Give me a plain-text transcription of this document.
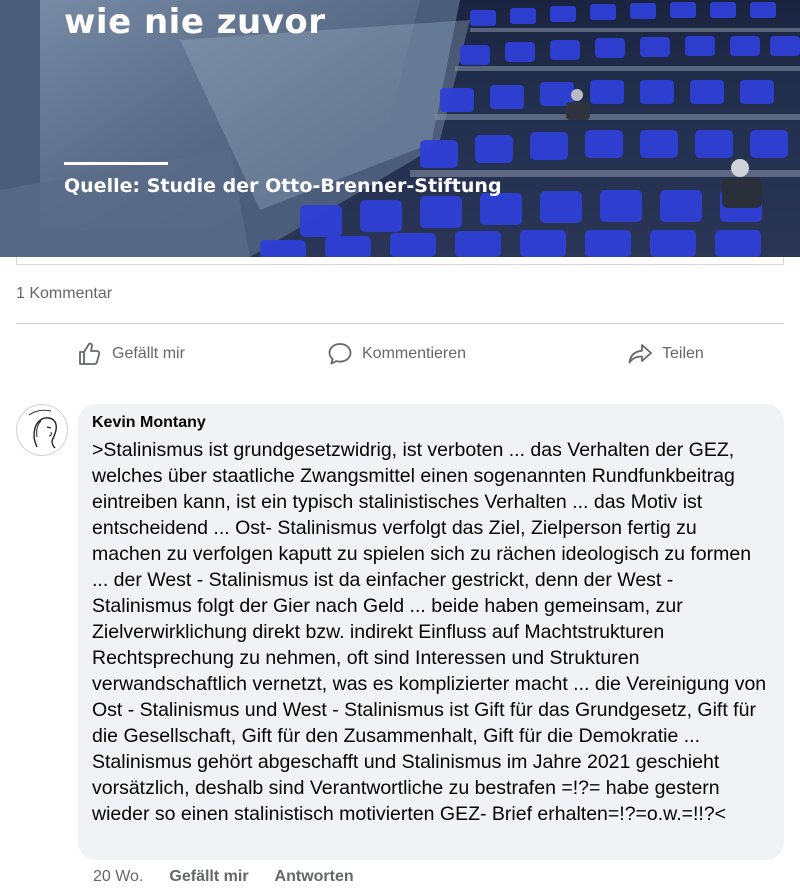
wie nie zuvor
Quelle: Studie der Otto-Brenner-Stiftung
1 Kommentar
Gefällt mir	Kommentieren	Teilen
Kevin Montany
>Stalinismus ist grundgesetzwidrig, ist verboten ... das Verhalten der GEZ, welches über staatliche Zwangsmittel einen sogenannten Rundfunkbeitrag eintreiben kann, ist ein typisch stalinistisches Verhalten ... das Motiv ist entscheidend ... Ost- Stalinismus verfolgt das Ziel, Zielperson fertig zu machen zu verfolgen kaputt zu spielen sich zu rächen ideologisch zu formen ... der West - Stalinismus ist da einfacher gestrickt, denn der West - Stalinismus folgt der Gier nach Geld ... beide haben gemeinsam, zur Zielverwirklichung direkt bzw. indirekt Einfluss auf Machtstrukturen Rechtsprechung zu nehmen, oft sind Interessen und Strukturen verwandschaftlich vernetzt, was es komplizierter macht ... die Vereinigung von Ost - Stalinismus und West - Stalinismus ist Gift für das Grundgesetz, Gift für die Gesellschaft, Gift für den Zusammenhalt, Gift für die Demokratie ... Stalinismus gehört abgeschafft und Stalinismus im Jahre 2021 geschieht vorsätzlich, deshalb sind Verantwortliche zu bestrafen =!?= habe gestern wieder so einen stalinistisch motivierten GEZ- Brief erhalten=!?=o.w.=!!?<
20 Wo. Gefällt mir Antworten
